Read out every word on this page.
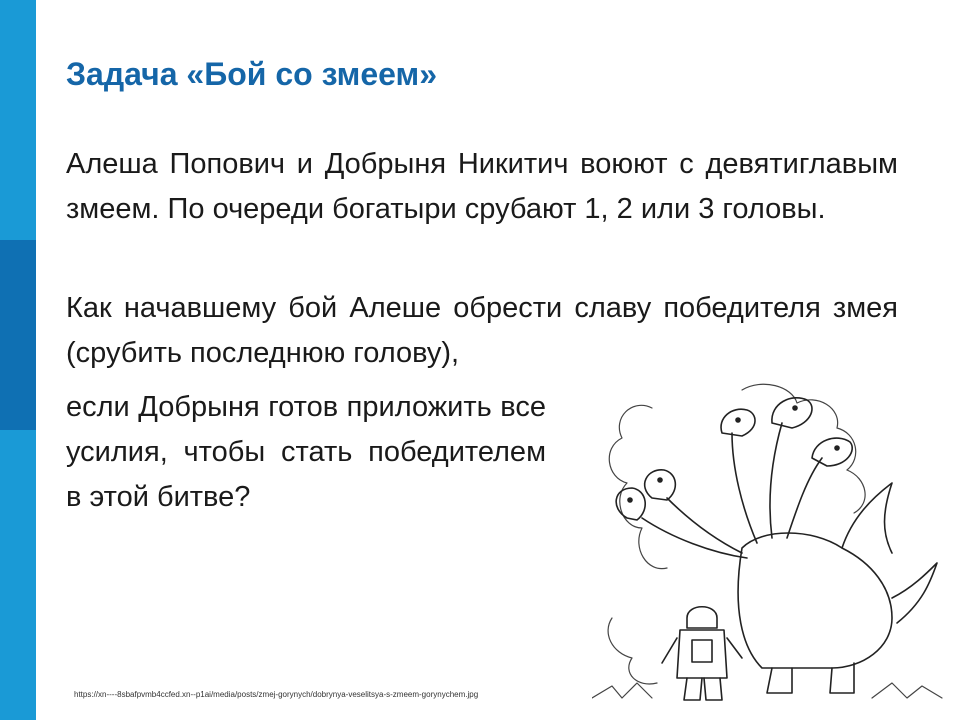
Задача «Бой со змеем»

Алеша Попович и Добрыня Никитич воюют с девятиглавым змеем. По очереди богатыри срубают 1, 2 или 3 головы.

Как начавшему бой Алеше обрести славу победителя змея (срубить последнюю голову),

если Добрыня готов приложить все усилия, чтобы стать победителем в этой битве?

https://xn----8sbafpvmb4ccfed.xn--p1ai/media/posts/zmej-gorynych/dobrynya-veselitsya-s-zmeem-gorynychem.jpg
